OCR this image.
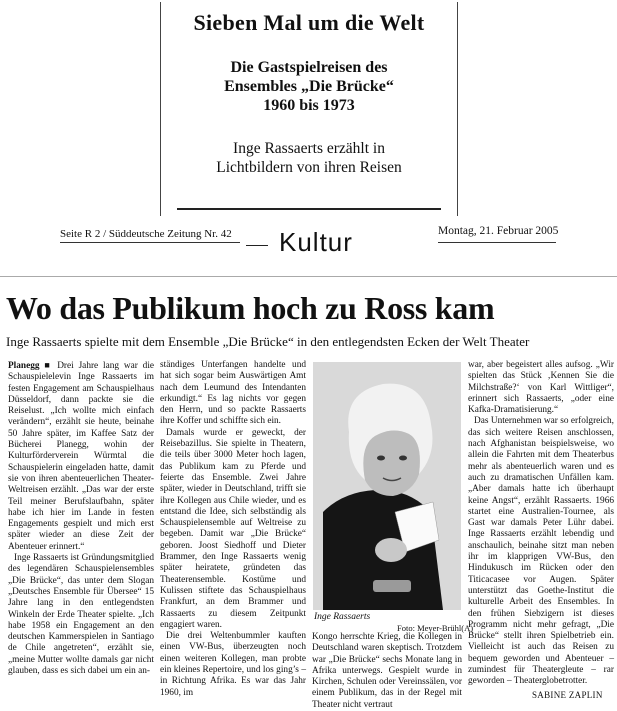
Sieben Mal um die Welt
Die Gastspielreisen des
Ensembles „Die Brücke“
1960 bis 1973
Inge Rassaerts erzählt in
Lichtbildern von ihren Reisen
Seite R 2 / Süddeutsche Zeitung Nr. 42 Kultur	Montag, 21. Februar 2005
Wo das Publikum hoch zu Ross kam
Inge Rassaerts spielte mit dem Ensemble „Die Brücke“ in den entlegendsten Ecken der Welt Theater

Planegg ■ Drei Jahre lang war die Schauspielelevin Inge Rassaerts im festen Engagement am Schauspielhaus Düsseldorf, dann packte sie die Reiselust. „Ich wollte mich einfach verändern“, erzählt sie heute, beinahe 50 Jahre später, im Kaffee Satz der Bücherei Planegg, wohin der Kulturförderverein Würmtal die Schauspielerin eingeladen hatte, damit sie von ihren abenteuerlichen Theater-Weltreisen erzählt. „Das war der erste Teil meiner Berufslaufbahn, später habe ich hier im Lande in festen Engagements gespielt und mich erst später wieder an diese Zeit der Abenteuer erinnert.“

Inge Rassaerts ist Gründungsmitglied des legendären Schauspielensembles „Die Brücke“, das unter dem Slogan „Deutsches Ensemble für Übersee“ 15 Jahre lang in den entlegendsten Winkeln der Erde Theater spielte. „Ich habe 1958 ein Engagement an den deutschen Kammerspielen in Santiago de Chile angetreten“, erzählt sie, „meine Mutter wollte damals gar nicht glauben, dass es sich dabei um ein an-

ständiges Unterfangen handelte und hat sich sogar beim Auswärtigen Amt nach dem Leumund des Intendanten erkundigt.“ Es lag nichts vor gegen den Herrn, und so packte Rassaerts ihre Koffer und schiffte sich ein.

Damals wurde er geweckt, der Reisebazillus. Sie spielte in Theatern, die teils über 3000 Meter hoch lagen, das Publikum kam zu Pferde und feierte das Ensemble. Zwei Jahre später, wieder in Deutschland, trifft sie ihre Kollegen aus Chile wieder, und es entstand die Idee, sich selbständig als Schauspielensemble auf Weltreise zu begeben. Damit war „Die Brücke“ geboren. Joost Siedhoff und Dieter Brammer, den Inge Rassaerts wenig später heiratete, gründeten das Theaterensemble. Kostüme und Kulissen stiftete das Schauspielhaus Frankfurt, an dem Brammer und Rassaerts zu diesem Zeitpunkt engagiert waren.

Die drei Weltenbummler kauften einen VW-Bus, überzeugten noch einen weiteren Kollegen, man probte ein kleines Repertoire, und los ging’s – in Richtung Afrika. Es war das Jahr 1960, im

Inge Rassaerts
Foto: Meyer-Brühl(A)

Kongo herrschte Krieg, die Kollegen in Deutschland waren skeptisch. Trotzdem war „Die Brücke“ sechs Monate lang in Afrika unterwegs. Gespielt wurde in Kirchen, Schulen oder Vereinssälen, vor einem Publikum, das in der Regel mit Theater nicht vertraut

war, aber begeistert alles aufsog. „Wir spielten das Stück ‚Kennen Sie die Milchstraße?‘ von Karl Wittliger“, erinnert sich Rassaerts, „oder eine Kafka-Dramatisierung.“

Das Unternehmen war so erfolgreich, das sich weitere Reisen anschlossen, nach Afghanistan beispielsweise, wo allein die Fahrten mit dem Theaterbus mehr als abenteuerlich waren und es auch zu dramatischen Unfällen kam. „Aber damals hatte ich überhaupt keine Angst“, erzählt Rassaerts. 1966 startet eine Australien-Tournee, als Gast war damals Peter Lühr dabei. Inge Rassaerts erzählt lebendig und anschaulich, beinahe sitzt man neben ihr im klapprigen VW-Bus, den Hindukusch im Rücken oder den Titicacasee vor Augen. Später unterstützt das Goethe-Institut die kulturelle Arbeit des Ensembles. In den frühen Siebzigern ist dieses Programm nicht mehr gefragt, „Die Brücke“ stellt ihren Spielbetrieb ein. Vielleicht ist auch das Reisen zu bequem geworden und Abenteuer – zumindest für Theatergleute – rar geworden – Theaterglobetrotter.

SABINE ZAPLIN
